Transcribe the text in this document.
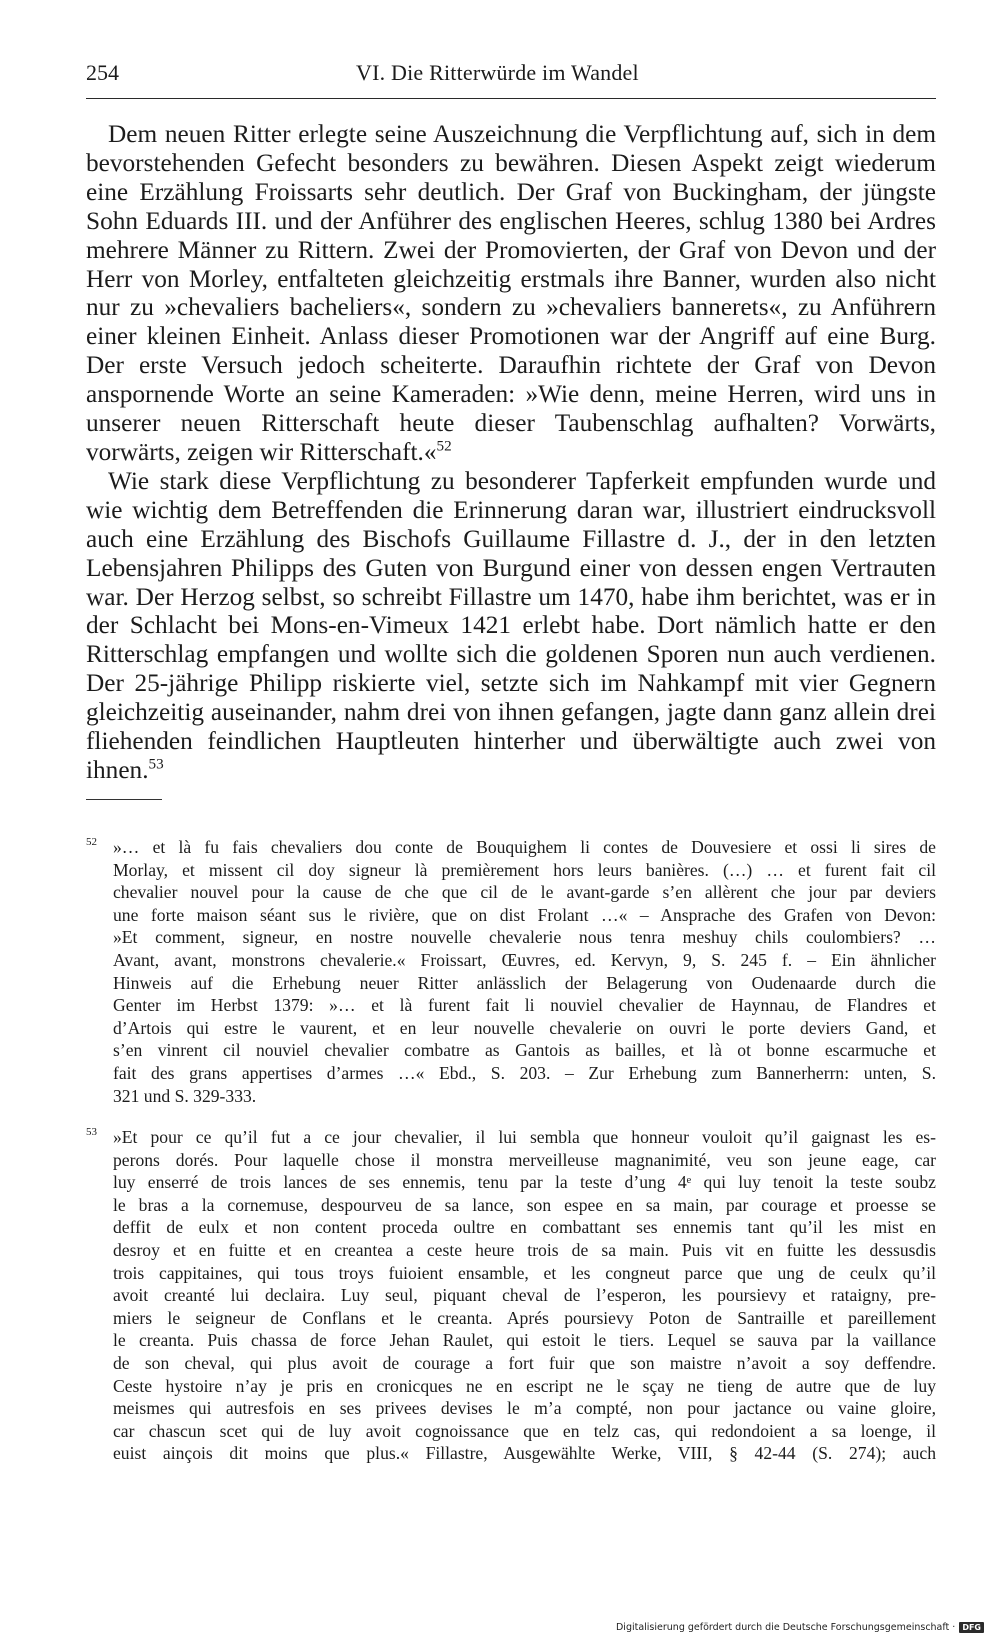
254	VI. Die Ritterwürde im Wandel

Dem neuen Ritter erlegte seine Auszeichnung die Verpflichtung auf, sich in dem bevorstehenden Gefecht besonders zu bewähren. Diesen Aspekt zeigt wiederum eine Erzählung Froissarts sehr deutlich. Der Graf von Buckingham, der jüngste Sohn Eduards III. und der Anführer des englischen Heeres, schlug 1380 bei Ardres mehrere Männer zu Rittern. Zwei der Promovierten, der Graf von Devon und der Herr von Morley, entfalteten gleichzeitig erstmals ihre Banner, wurden also nicht nur zu »chevaliers bacheliers«, sondern zu »chevaliers bannerets«, zu Anführern einer kleinen Einheit. Anlass dieser Promotionen war der Angriff auf eine Burg. Der erste Versuch jedoch scheiterte. Daraufhin richtete der Graf von Devon anspornende Worte an seine Kameraden: »Wie denn, meine Herren, wird uns in unserer neuen Ritterschaft heute dieser Taubenschlag aufhalten? Vorwärts, vorwärts, zeigen wir Ritterschaft.«$^{52}$

Wie stark diese Verpflichtung zu besonderer Tapferkeit empfunden wurde und wie wichtig dem Betreffenden die Erinnerung daran war, illustriert eindrucksvoll auch eine Erzählung des Bischofs Guillaume Fillastre d. J., der in den letzten Lebensjahren Philipps des Guten von Burgund einer von dessen engen Vertrauten war. Der Herzog selbst, so schreibt Fillastre um 1470, habe ihm berichtet, was er in der Schlacht bei Mons-en-Vimeux 1421 erlebt habe. Dort nämlich hatte er den Ritterschlag empfangen und wollte sich die goldenen Sporen nun auch verdienen. Der 25-jährige Philipp riskierte viel, setzte sich im Nahkampf mit vier Gegnern gleichzeitig auseinander, nahm drei von ihnen gefangen, jagte dann ganz allein drei fliehenden feindlichen Hauptleuten hinterher und überwältigte auch zwei von ihnen.$^{53}$

52 »… et là fu fais chevaliers dou conte de Bouquighem li contes de Douvesiere et ossi li sires de
Morlay, et missent cil doy signeur là premièrement hors leurs banières. (…) … et furent fait cil
chevalier nouvel pour la cause de che que cil de le avant-garde s’en allèrent che jour par deviers
une forte maison séant sus le rivière, que on dist Frolant …« – Ansprache des Grafen von Devon:
»Et comment, signeur, en nostre nouvelle chevalerie nous tenra meshuy chils coulombiers? …
Avant, avant, monstrons chevalerie.« Froissart, Œuvres, ed. Kervyn, 9, S. 245 f. – Ein ähnlicher
Hinweis auf die Erhebung neuer Ritter anlässlich der Belagerung von Oudenaarde durch die
Genter im Herbst 1379: »… et là furent fait li nouviel chevalier de Haynnau, de Flandres et
d’Artois qui estre le vaurent, et en leur nouvelle chevalerie on ouvri le porte deviers Gand, et
s’en vinrent cil nouviel chevalier combatre as Gantois as bailles, et là ot bonne escarmuche et
fait des grans appertises d’armes …« Ebd., S. 203. – Zur Erhebung zum Bannerherrn: unten, S.
321 und S. 329-333.
53 »Et pour ce qu’il fut a ce jour chevalier, il lui sembla que honneur vouloit qu’il gaignast les es-
perons dorés. Pour laquelle chose il monstra merveilleuse magnanimité, veu son jeune eage, car
luy enserré de trois lances de ses ennemis, tenu par la teste d’ung 4ᵉ qui luy tenoit la teste soubz
le bras a la cornemuse, despourveu de sa lance, son espee en sa main, par courage et proesse se
deffit de eulx et non content proceda oultre en combattant ses ennemis tant qu’il les mist en
desroy et en fuitte et en creantea a ceste heure trois de sa main. Puis vit en fuitte les dessusdis
trois cappitaines, qui tous troys fuioient ensamble, et les congneut parce que ung de ceulx qu’il
avoit creanté lui declaira. Luy seul, piquant cheval de l’esperon, les poursievy et rataigny, pre-
miers le seigneur de Conflans et le creanta. Aprés poursievy Poton de Santraille et pareillement
le creanta. Puis chassa de force Jehan Raulet, qui estoit le tiers. Lequel se sauva par la vaillance
de son cheval, qui plus avoit de courage a fort fuir que son maistre n’avoit a soy deffendre.
Ceste hystoire n’ay je pris en cronicques ne en escript ne le sçay ne tieng de autre que de luy
meismes qui autresfois en ses privees devises le m’a compté, non pour jactance ou vaine gloire,
car chascun scet qui de luy avoit cognoissance que en telz cas, qui redondoient a sa loenge, il
euist ainçois dit moins que plus.« Fillastre, Ausgewählte Werke, VIII, § 42-44 (S. 274); auch
Digitalisierung gefördert durch die Deutsche Forschungsgemeinschaft · DFG
